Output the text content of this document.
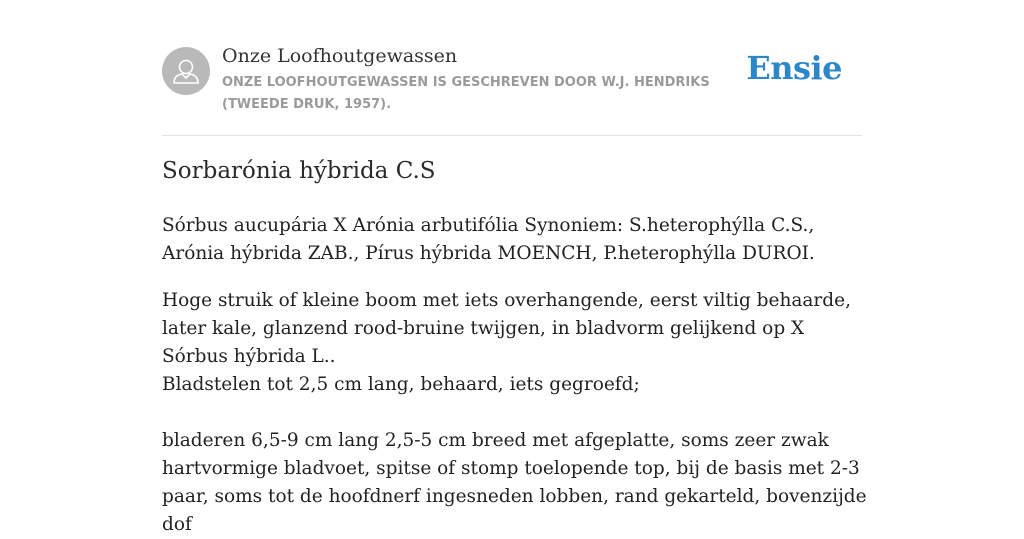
Onze Loofhoutgewassen
ONZE LOOFHOUTGEWASSEN IS GESCHREVEN DOOR W.J. HENDRIKS (TWEEDE DRUK, 1957).
Ensie
Sorbarónia hýbrida C.S

Sórbus aucupária X Arónia arbutifólia Synoniem: S.heterophýlla C.S., Arónia hýbrida ZAB., Pírus hýbrida MOENCH, P.heterophýlla DUROI.

Hoge struik of kleine boom met iets overhangende, eerst viltig behaarde, later kale, glanzend rood-bruine twijgen, in bladvorm gelijkend op X Sórbus hýbrida L..

Bladstelen tot 2,5 cm lang, behaard, iets gegroefd;

bladeren 6,5-9 cm lang 2,5-5 cm breed met afgeplatte, soms zeer zwak hartvormige bladvoet, spitse of stomp toelopende top, bij de basis met 2-3 paar, soms tot de hoofdnerf ingesneden lobben, rand gekarteld, bovenzijde dof
